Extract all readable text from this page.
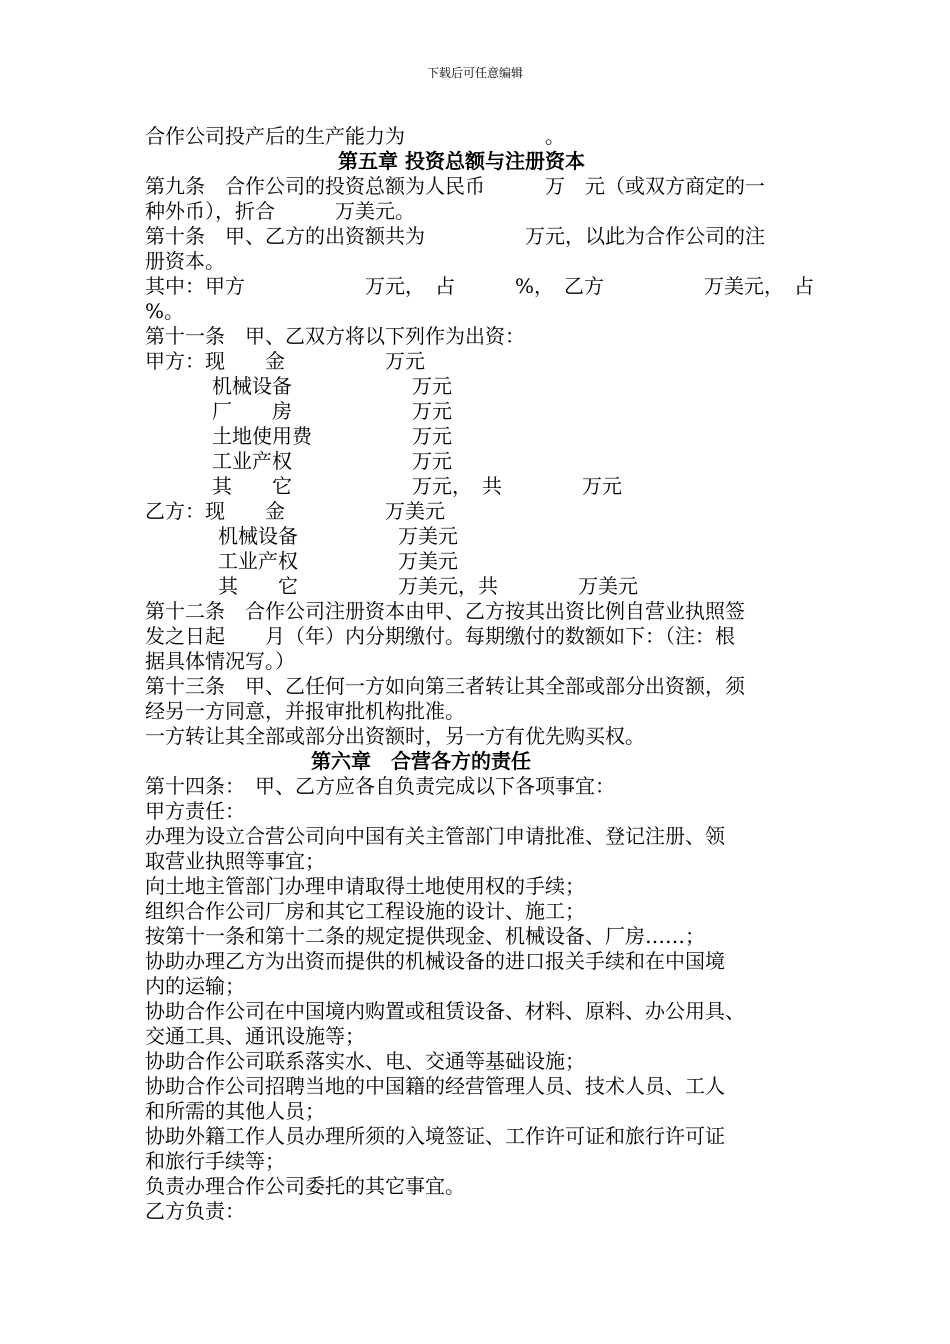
下载后可任意编辑
合作公司投产后的生产能力为　　　　　　　。
第五章 投资总额与注册资本
第九条　合作公司的投资总额为人民币　　　万　元（或双方商定的一
种外币），折合　　　万美元。
第十条　甲、乙方的出资额共为　　　　　万元，以此为合作公司的注
册资本。
其中：甲方　　　　　　万元，　占　　　%，　乙方　　　　　万美元，　占
%。
第十一条　甲、乙双方将以下列作为出资：
甲方：现　　金　　　　　万元
机械设备　　　　　　万元
厂　　房　　　　　　万元
土地使用费　　　　　万元
工业产权　　　　　　万元
其　　它　　　　　　万元，　共　　　　万元
乙方：现　　金　　　　　万美元
机械设备　　　　　万美元
工业产权　　　　　万美元
其　　它　　　　　万美元，共　　　　万美元
第十二条　合作公司注册资本由甲、乙方按其出资比例自营业执照签
发之日起　　月（年）内分期缴付。每期缴付的数额如下：（注：根
据具体情况写。）
第十三条　甲、乙任何一方如向第三者转让其全部或部分出资额，须
经另一方同意，并报审批机构批准。
一方转让其全部或部分出资额时，另一方有优先购买权。
第六章　合营各方的责任
第十四条：　甲、乙方应各自负责完成以下各项事宜：
甲方责任：
办理为设立合营公司向中国有关主管部门申请批准、登记注册、领
取营业执照等事宜；
向土地主管部门办理申请取得土地使用权的手续；
组织合作公司厂房和其它工程设施的设计、施工；
按第十一条和第十二条的规定提供现金、机械设备、厂房……；
协助办理乙方为出资而提供的机械设备的进口报关手续和在中国境
内的运输；
协助合作公司在中国境内购置或租赁设备、材料、原料、办公用具、
交通工具、通讯设施等；
协助合作公司联系落实水、电、交通等基础设施；
协助合作公司招聘当地的中国籍的经营管理人员、技术人员、工人
和所需的其他人员；
协助外籍工作人员办理所须的入境签证、工作许可证和旅行许可证
和旅行手续等；
负责办理合作公司委托的其它事宜。
乙方负责：
